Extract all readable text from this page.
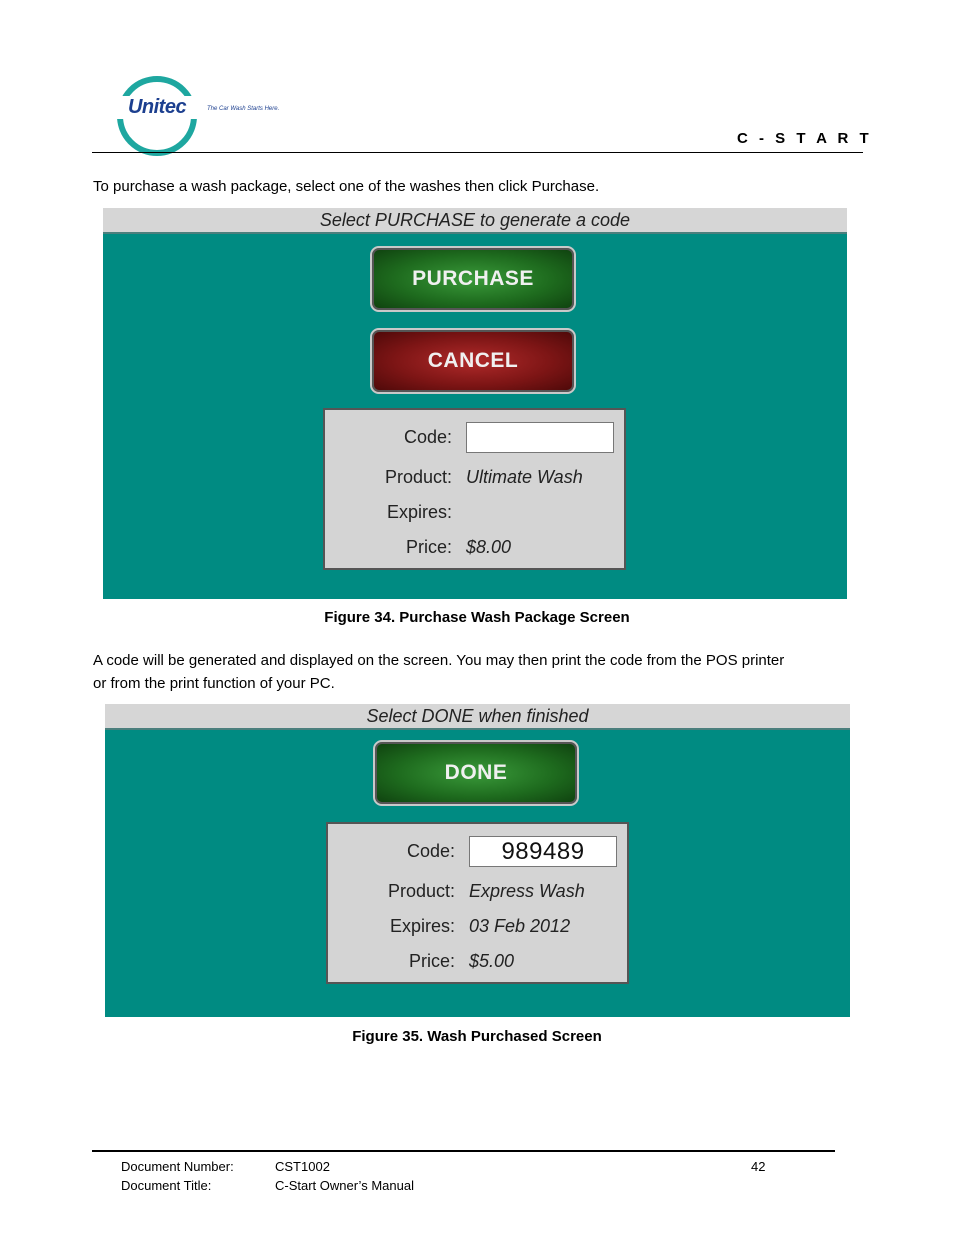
Unitec	The Car Wash Starts Here.
C - S T A R T
To purchase a wash package, select one of the washes then click Purchase.
Select PURCHASE to generate a code
PURCHASE
CANCEL
Code:
Product: Ultimate Wash
Expires:
Price: $8.00
Figure 34. Purchase Wash Package Screen
A code will be generated and displayed on the screen. You may then print the code from the POS printer
or from the print function of your PC.
Select DONE when finished
DONE
Code:	989489
Product: Express Wash
Expires: 03 Feb 2012
Price: $5.00
Figure 35. Wash Purchased Screen
Document Number:	CST1002	42
Document Title:	C-Start Owner’s Manual
